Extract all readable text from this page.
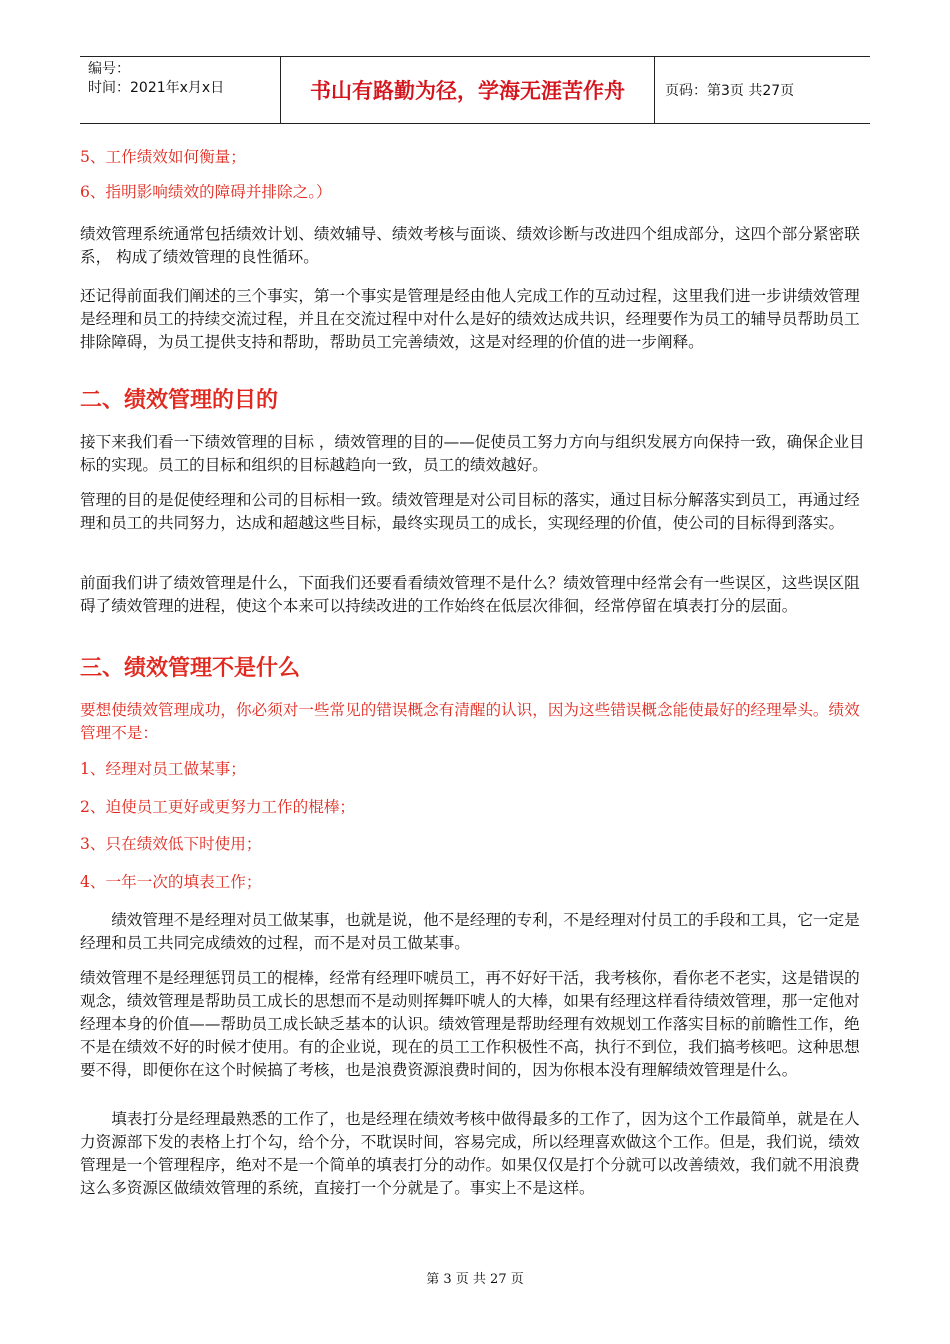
编号：
时间：2021年x月x日	书山有路勤为径，学海无涯苦作舟	页码：第3页 共27页

5、工作绩效如何衡量；

6、指明影响绩效的障碍并排除之。）

绩效管理系统通常包括绩效计划、绩效辅导、绩效考核与面谈、绩效诊断与改进四个组成部分，这四个部分紧密联系， 构成了绩效管理的良性循环。

还记得前面我们阐述的三个事实，第一个事实是管理是经由他人完成工作的互动过程，这里我们进一步讲绩效管理是经理和员工的持续交流过程，并且在交流过程中对什么是好的绩效达成共识，经理要作为员工的辅导员帮助员工排除障碍，为员工提供支持和帮助，帮助员工完善绩效，这是对经理的价值的进一步阐释。

二、绩效管理的目的

接下来我们看一下绩效管理的目标 ，绩效管理的目的——促使员工努力方向与组织发展方向保持一致，确保企业目标的实现。员工的目标和组织的目标越趋向一致，员工的绩效越好。

管理的目的是促使经理和公司的目标相一致。绩效管理是对公司目标的落实，通过目标分解落实到员工，再通过经理和员工的共同努力，达成和超越这些目标，最终实现员工的成长，实现经理的价值，使公司的目标得到落实。

前面我们讲了绩效管理是什么，下面我们还要看看绩效管理不是什么？绩效管理中经常会有一些误区，这些误区阻碍了绩效管理的进程，使这个本来可以持续改进的工作始终在低层次徘徊，经常停留在填表打分的层面。

三、绩效管理不是什么

要想使绩效管理成功，你必须对一些常见的错误概念有清醒的认识，因为这些错误概念能使最好的经理晕头。绩效管理不是：

1、经理对员工做某事；

2、迫使员工更好或更努力工作的棍棒；

3、只在绩效低下时使用；

4、一年一次的填表工作；

绩效管理不是经理对员工做某事，也就是说，他不是经理的专利，不是经理对付员工的手段和工具，它一定是经理和员工共同完成绩效的过程，而不是对员工做某事。

绩效管理不是经理惩罚员工的棍棒，经常有经理吓唬员工，再不好好干活，我考核你，看你老不老实，这是错误的观念，绩效管理是帮助员工成长的思想而不是动则挥舞吓唬人的大棒，如果有经理这样看待绩效管理，那一定他对经理本身的价值——帮助员工成长缺乏基本的认识。绩效管理是帮助经理有效规划工作落实目标的前瞻性工作，绝不是在绩效不好的时候才使用。有的企业说，现在的员工工作积极性不高，执行不到位，我们搞考核吧。这种思想要不得，即便你在这个时候搞了考核，也是浪费资源浪费时间的，因为你根本没有理解绩效管理是什么。

填表打分是经理最熟悉的工作了，也是经理在绩效考核中做得最多的工作了，因为这个工作最简单，就是在人力资源部下发的表格上打个勾，给个分，不耽误时间，容易完成，所以经理喜欢做这个工作。但是，我们说，绩效管理是一个管理程序，绝对不是一个简单的填表打分的动作。如果仅仅是打个分就可以改善绩效，我们就不用浪费这么多资源区做绩效管理的系统，直接打一个分就是了。事实上不是这样。

第 3 页 共 27 页
